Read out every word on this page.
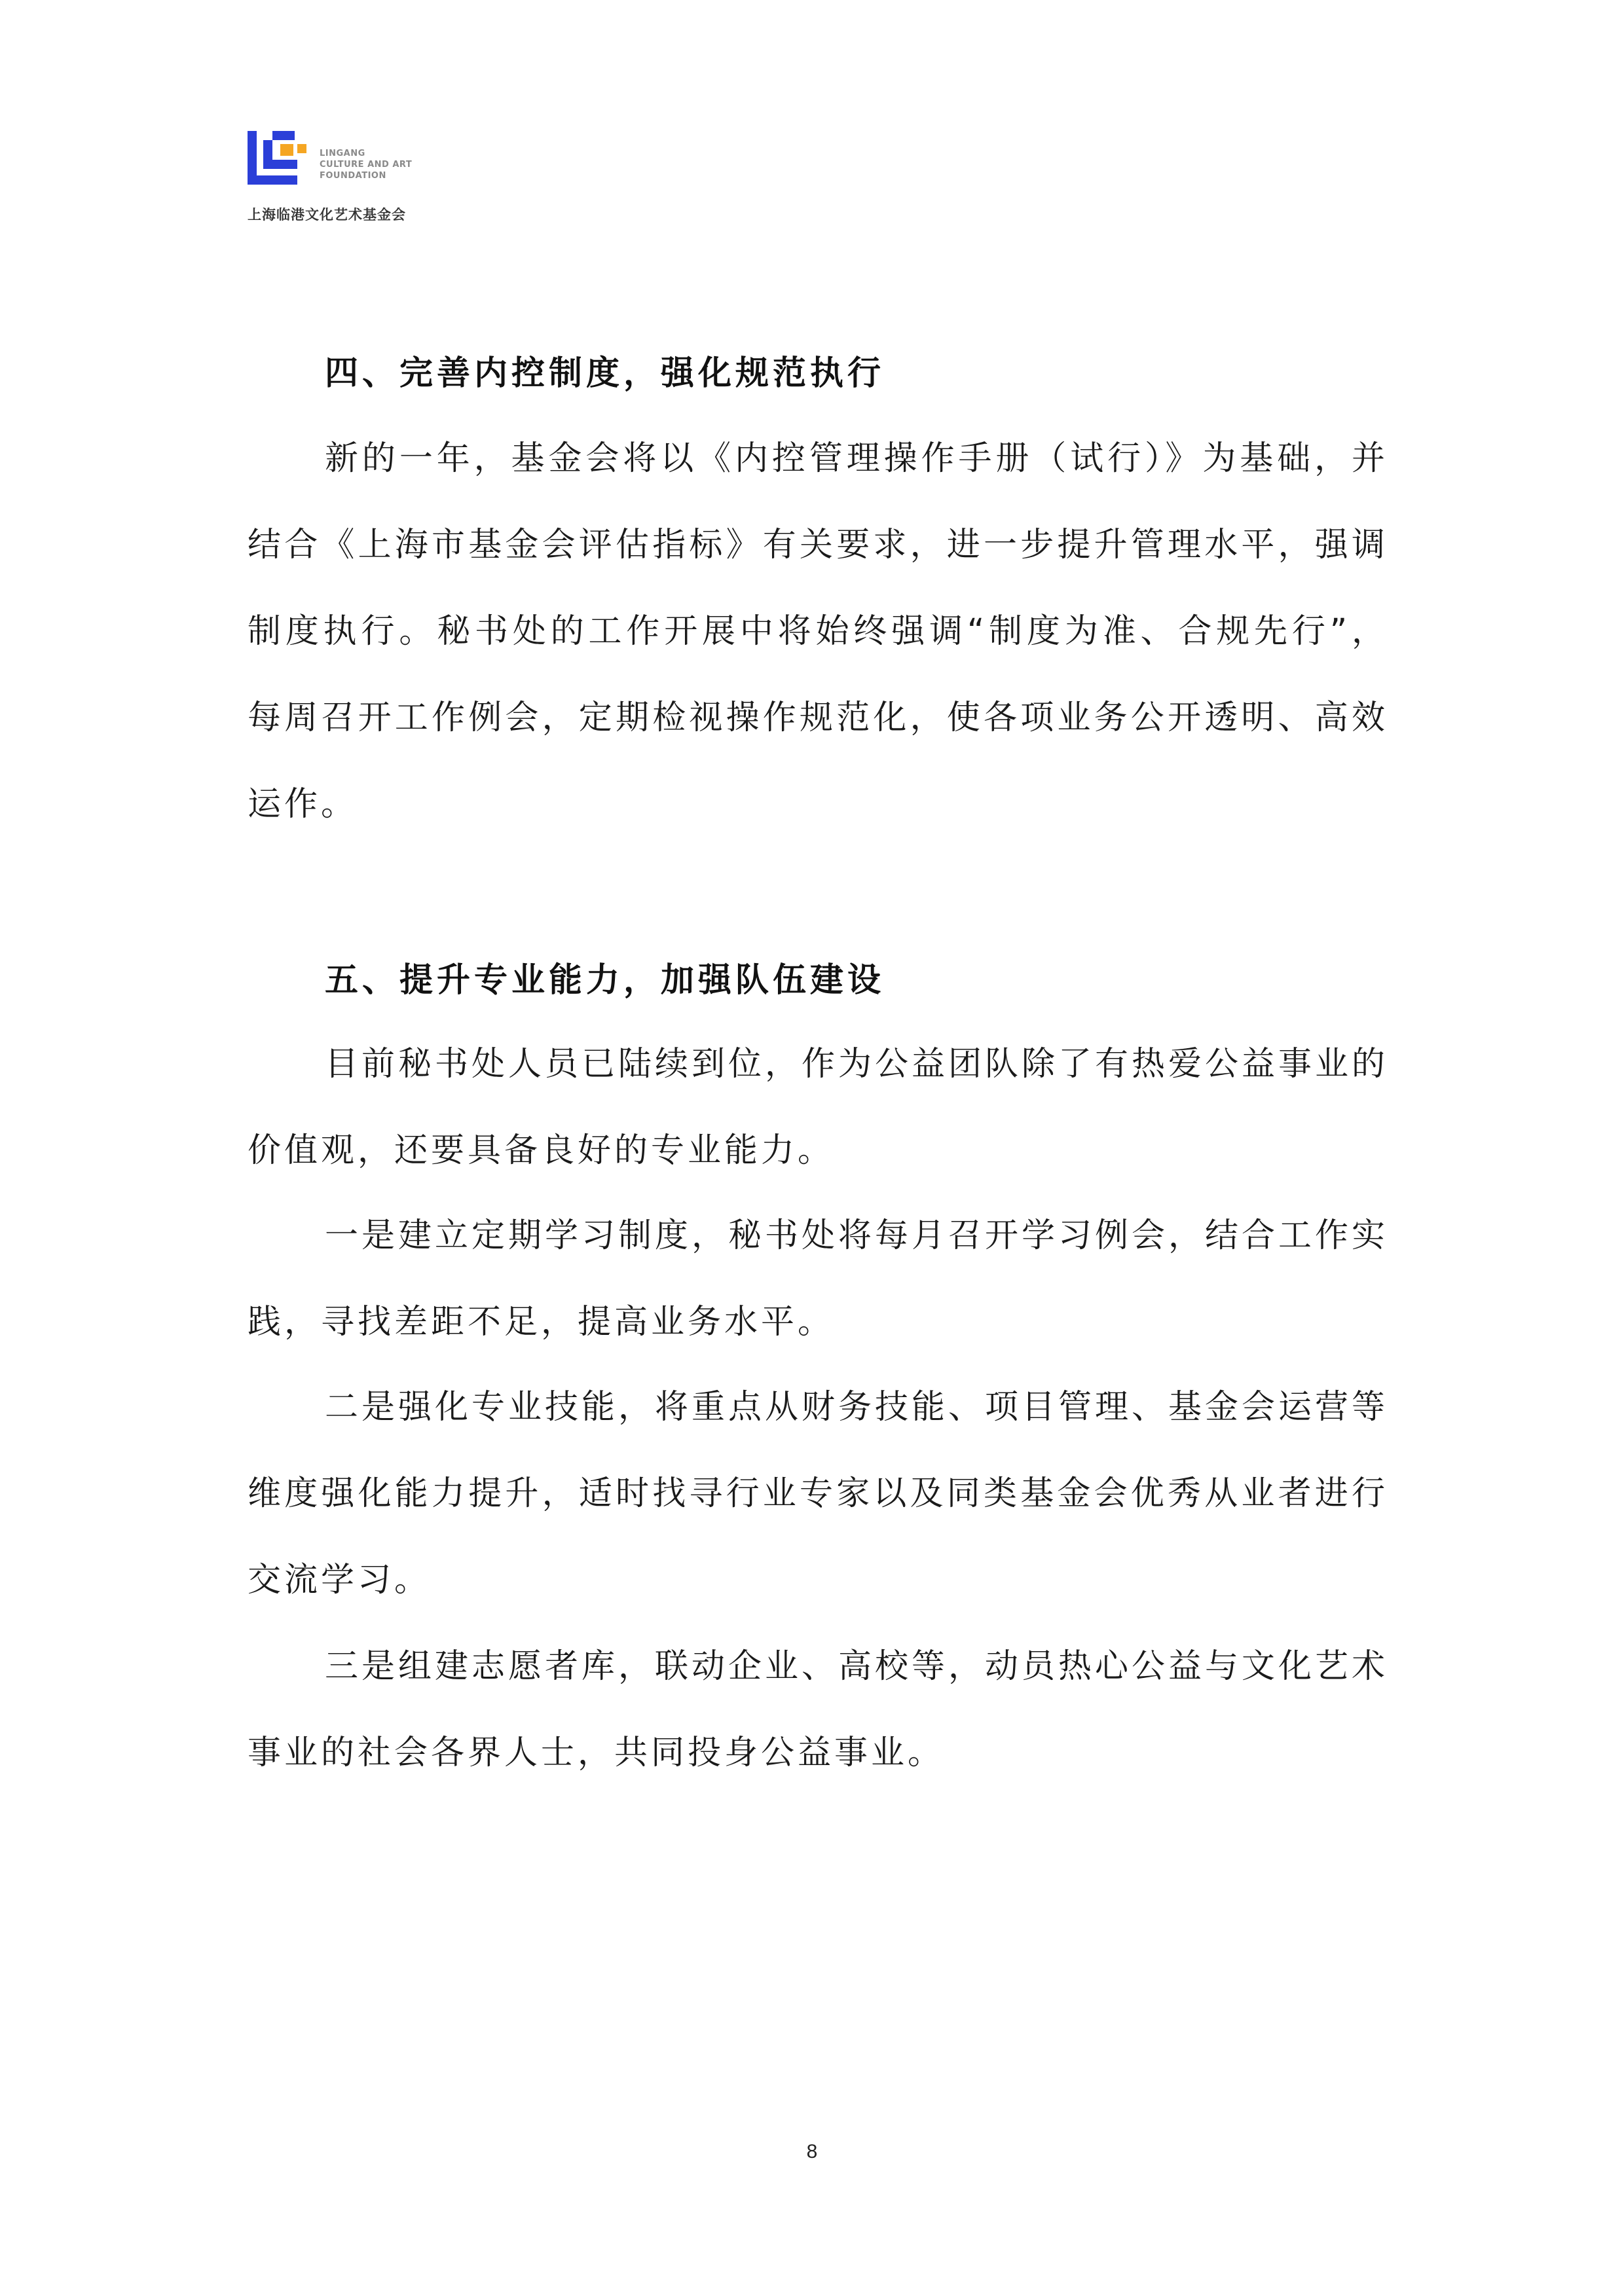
LINGANG
CULTURE AND ART
FOUNDATION
上海临港文化艺术基金会
四、完善内控制度，强化规范执行
新的一年，基金会将以《内控管理操作手册（试行）》为基础，并结合《上海市基金会评估指标》有关要求，进一步提升管理水平，强调制度执行。秘书处的工作开展中将始终强调“制度为准、合规先行”，每周召开工作例会，定期检视操作规范化，使各项业务公开透明、高效运作。
五、提升专业能力，加强队伍建设
目前秘书处人员已陆续到位，作为公益团队除了有热爱公益事业的价值观，还要具备良好的专业能力。
一是建立定期学习制度，秘书处将每月召开学习例会，结合工作实践，寻找差距不足，提高业务水平。
二是强化专业技能，将重点从财务技能、项目管理、基金会运营等维度强化能力提升，适时找寻行业专家以及同类基金会优秀从业者进行交流学习。
三是组建志愿者库，联动企业、高校等，动员热心公益与文化艺术事业的社会各界人士，共同投身公益事业。
8
